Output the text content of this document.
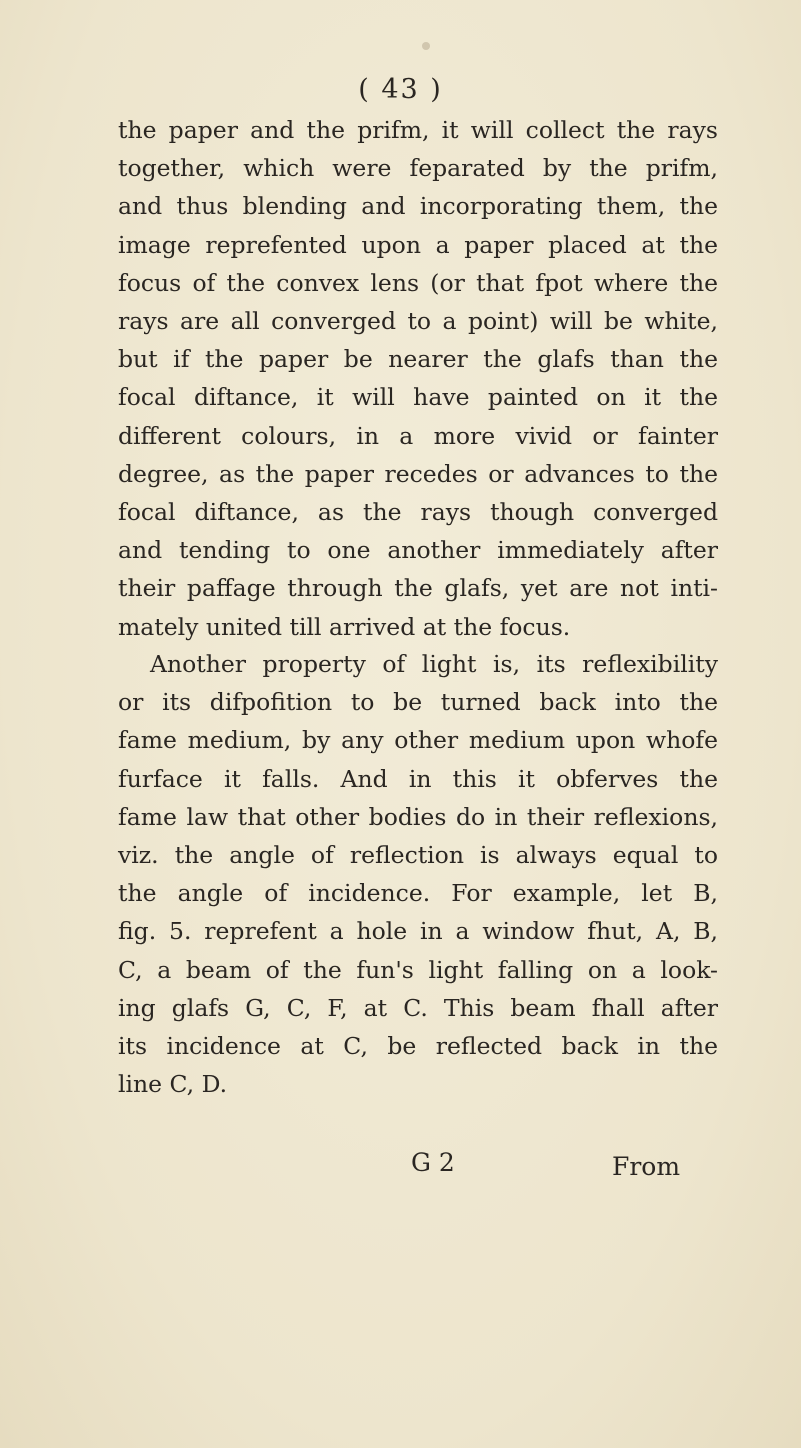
( 43 )

the paper and the prifm, it will collect the rays
together, which were feparated by the prifm,
and thus blending and incorporating them, the
image reprefented upon a paper placed at the
focus of the convex lens (or that fpot where the
rays are all converged to a point) will be white,
but if the paper be nearer the glafs than the
focal diftance, it will have painted on it the
different colours, in a more vivid or fainter
degree, as the paper recedes or advances to the
focal diftance, as the rays though converged
and tending to one another immediately after
their paffage through the glafs, yet are not inti-
mately united till arrived at the focus.

Another property of light is, its reflexibility
or its difpofition to be turned back into the
fame medium, by any other medium upon whofe
furface it falls. And in this it obferves the
fame law that other bodies do in their reflexions,
viz. the angle of reflection is always equal to
the angle of incidence. For example, let B,
fig. 5. reprefent a hole in a window fhut, A, B,
C, a beam of the fun's light falling on a look-
ing glafs G, C, F, at C. This beam fhall after
its incidence at C, be reflected back in the
line C, D.

G 2	From
